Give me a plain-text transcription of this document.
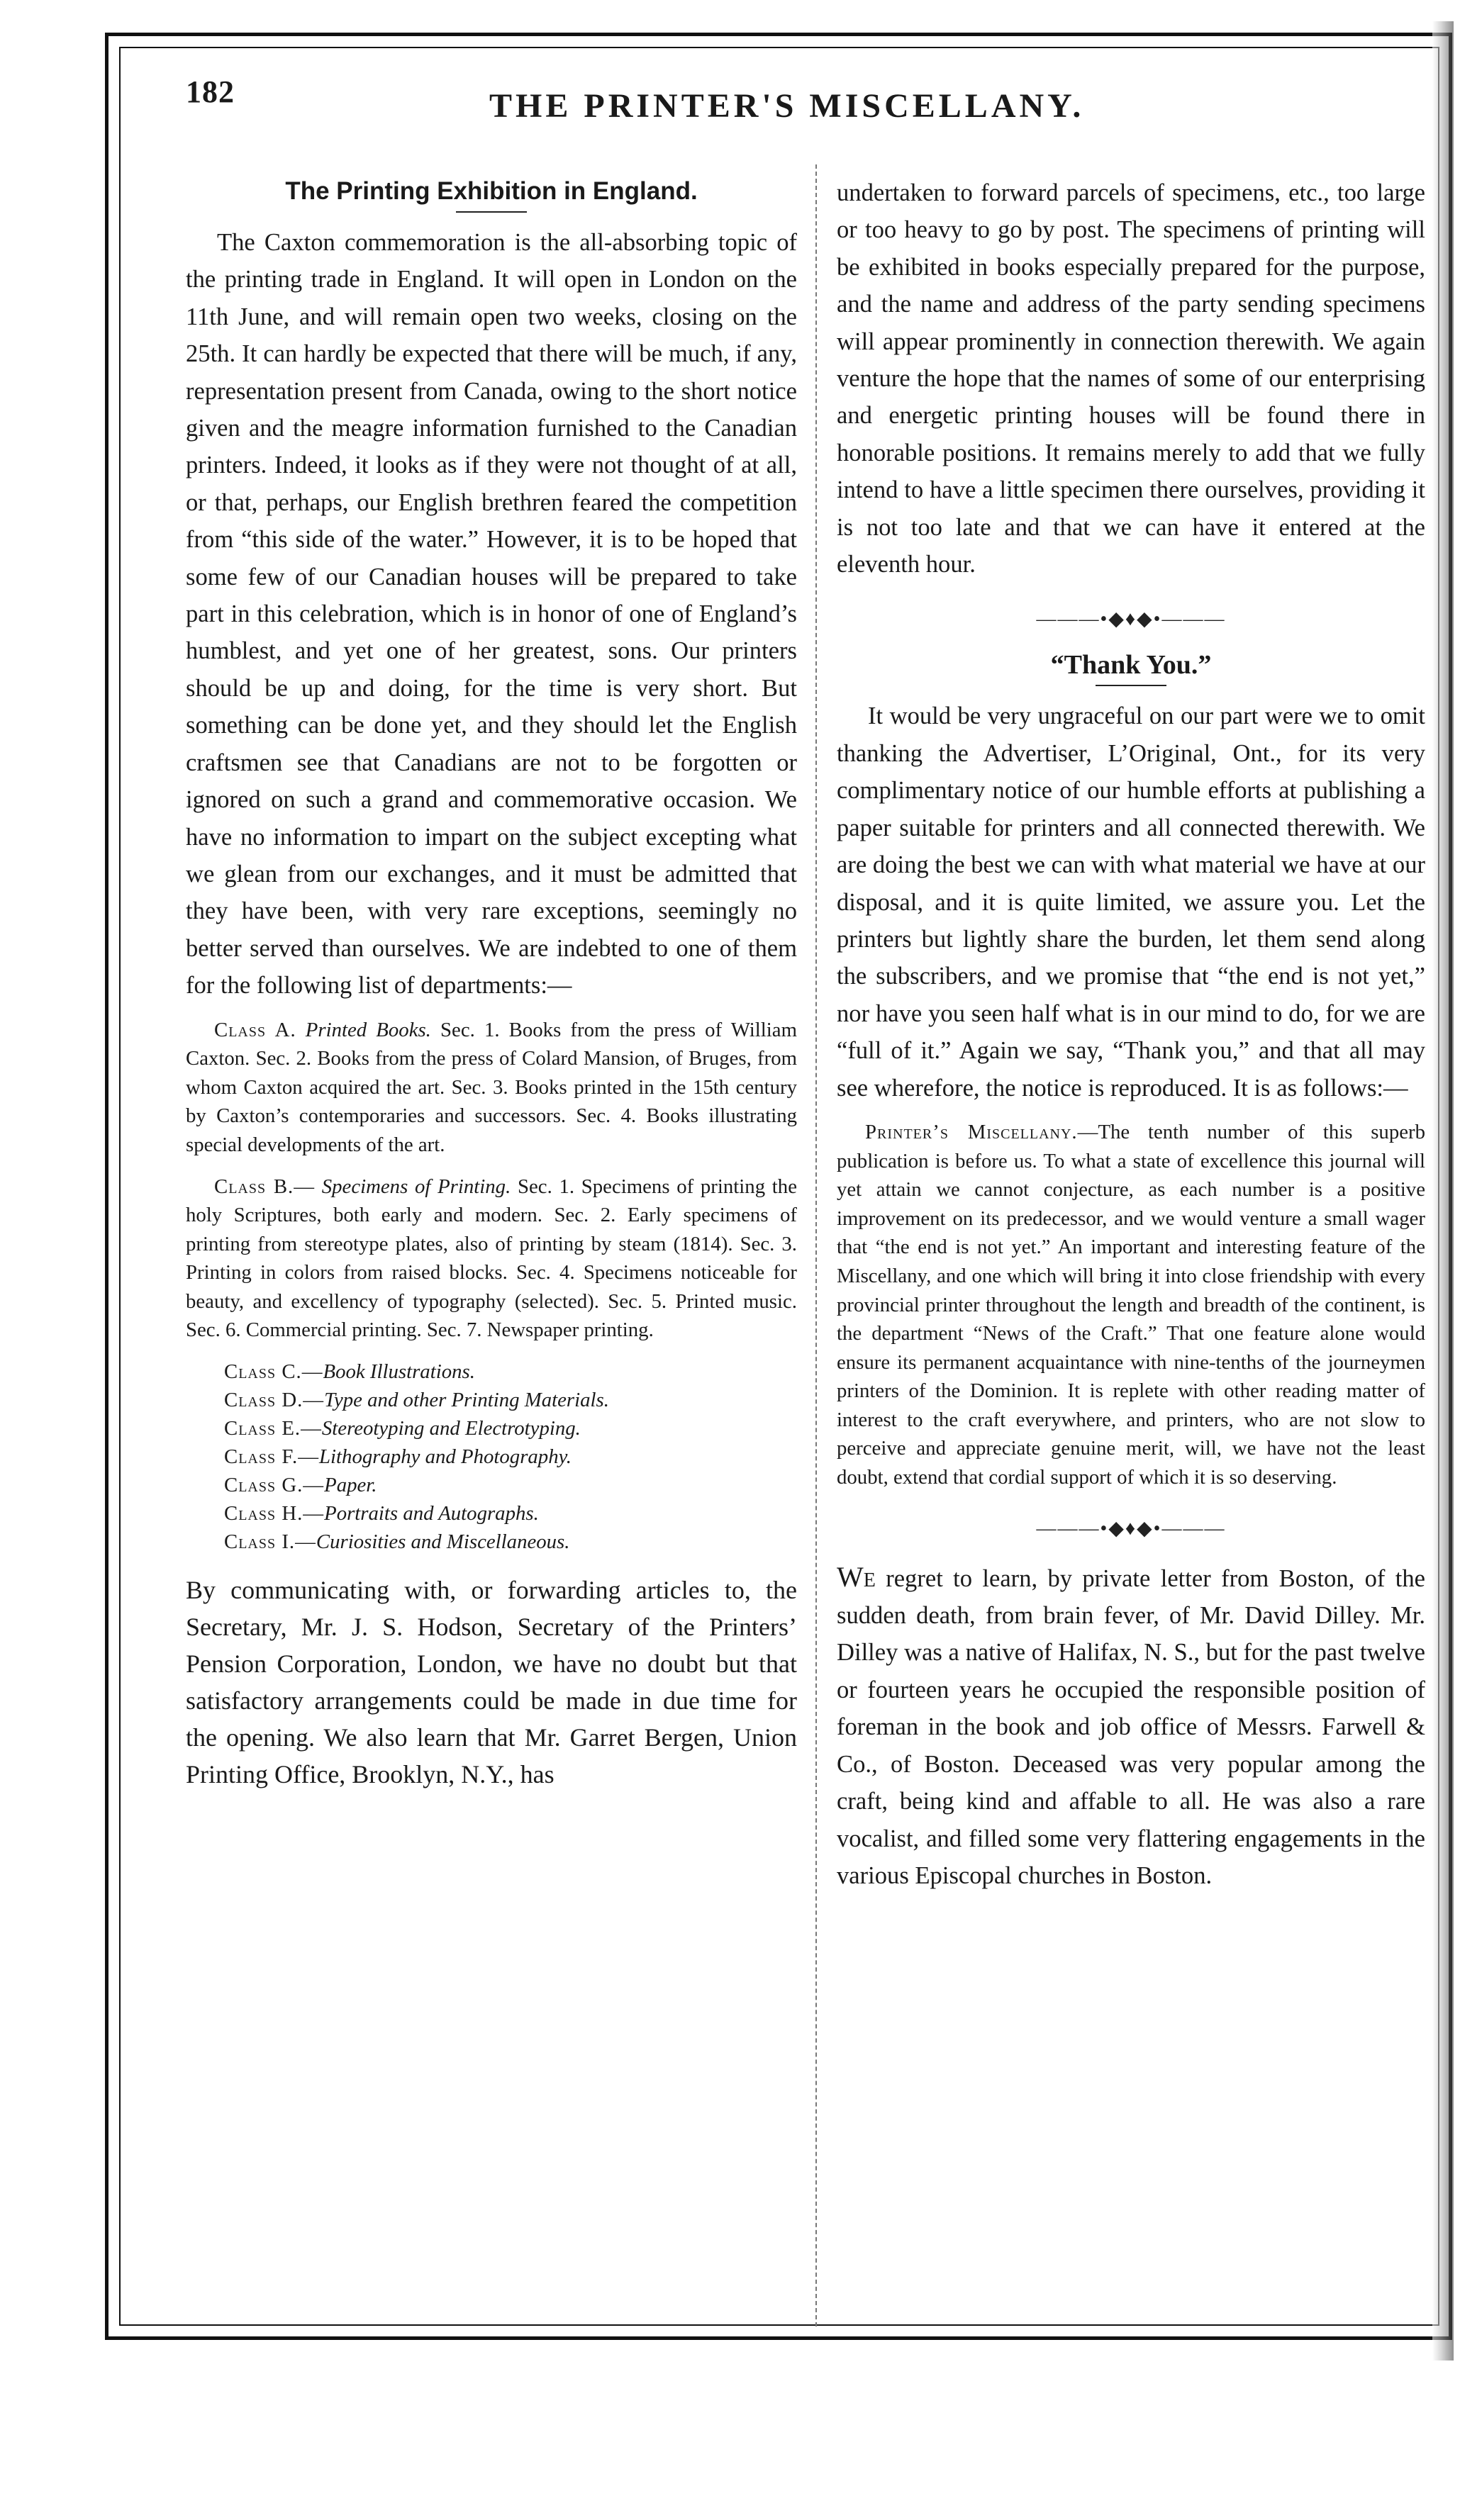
182	THE PRINTER'S MISCELLANY.
The Printing Exhibition in England.

The Caxton commemoration is the all-absorbing topic of the printing trade in England. It will open in London on the 11th June, and will remain open two weeks, closing on the 25th. It can hardly be expected that there will be much, if any, representation present from Canada, owing to the short notice given and the meagre information furnished to the Canadian printers. Indeed, it looks as if they were not thought of at all, or that, perhaps, our English brethren feared the competition from “this side of the water.” However, it is to be hoped that some few of our Canadian houses will be prepared to take part in this celebration, which is in honor of one of England’s humblest, and yet one of her greatest, sons. Our printers should be up and doing, for the time is very short. But something can be done yet, and they should let the English craftsmen see that Canadians are not to be forgotten or ignored on such a grand and commemorative occasion. We have no information to impart on the subject excepting what we glean from our exchanges, and it must be admitted that they have been, with very rare exceptions, seemingly no better served than ourselves. We are indebted to one of them for the following list of departments:—

Class A. Printed Books. Sec. 1. Books from the press of William Caxton. Sec. 2. Books from the press of Colard Mansion, of Bruges, from whom Caxton acquired the art. Sec. 3. Books printed in the 15th century by Caxton’s contemporaries and successors. Sec. 4. Books illustrating special developments of the art.

Class B.— Specimens of Printing. Sec. 1. Specimens of printing the holy Scriptures, both early and modern. Sec. 2. Early specimens of printing from stereotype plates, also of printing by steam (1814). Sec. 3. Printing in colors from raised blocks. Sec. 4. Specimens noticeable for beauty, and excellency of typography (selected). Sec. 5. Printed music. Sec. 6. Commercial printing. Sec. 7. Newspaper printing.

Class C.—Book Illustrations.
Class D.—Type and other Printing Materials.
Class E.—Stereotyping and Electrotyping.
Class F.—Lithography and Photography.
Class G.—Paper.
Class H.—Portraits and Autographs.
Class I.—Curiosities and Miscellaneous.

By communicating with, or forwarding articles to, the Secretary, Mr. J. S. Hodson, Secretary of the Printers’ Pension Corporation, London, we have no doubt but that satisfactory arrangements could be made in due time for the opening. We also learn that Mr. Garret Bergen, Union Printing Office, Brooklyn, N.Y., has

undertaken to forward parcels of specimens, etc., too large or too heavy to go by post. The specimens of printing will be exhibited in books especially prepared for the purpose, and the name and address of the party sending specimens will appear prominently in connection therewith. We again venture the hope that the names of some of our enterprising and energetic printing houses will be found there in honorable positions. It remains merely to add that we fully intend to have a little specimen there ourselves, providing it is not too late and that we can have it entered at the eleventh hour.

———•◆♦◆•———
“Thank You.”

It would be very ungraceful on our part were we to omit thanking the Advertiser, L’Original, Ont., for its very complimentary notice of our humble efforts at publishing a paper suitable for printers and all connected therewith. We are doing the best we can with what material we have at our disposal, and it is quite limited, we assure you. Let the printers but lightly share the burden, let them send along the subscribers, and we promise that “the end is not yet,” nor have you seen half what is in our mind to do, for we are “full of it.” Again we say, “Thank you,” and that all may see wherefore, the notice is reproduced. It is as follows:—

Printer’s Miscellany.—The tenth number of this superb publication is before us. To what a state of excellence this journal will yet attain we cannot conjecture, as each number is a positive improvement on its predecessor, and we would venture a small wager that “the end is not yet.” An important and interesting feature of the Miscellany, and one which will bring it into close friendship with every provincial printer throughout the length and breadth of the continent, is the department “News of the Craft.” That one feature alone would ensure its permanent acquaintance with nine-tenths of the journeymen printers of the Dominion. It is replete with other reading matter of interest to the craft everywhere, and printers, who are not slow to perceive and appreciate genuine merit, will, we have not the least doubt, extend that cordial support of which it is so deserving.

———•◆♦◆•———

We regret to learn, by private letter from Boston, of the sudden death, from brain fever, of Mr. David Dilley. Mr. Dilley was a native of Halifax, N. S., but for the past twelve or fourteen years he occupied the responsible position of foreman in the book and job office of Messrs. Farwell & Co., of Boston. Deceased was very popular among the craft, being kind and affable to all. He was also a rare vocalist, and filled some very flattering engagements in the various Episcopal churches in Boston.
